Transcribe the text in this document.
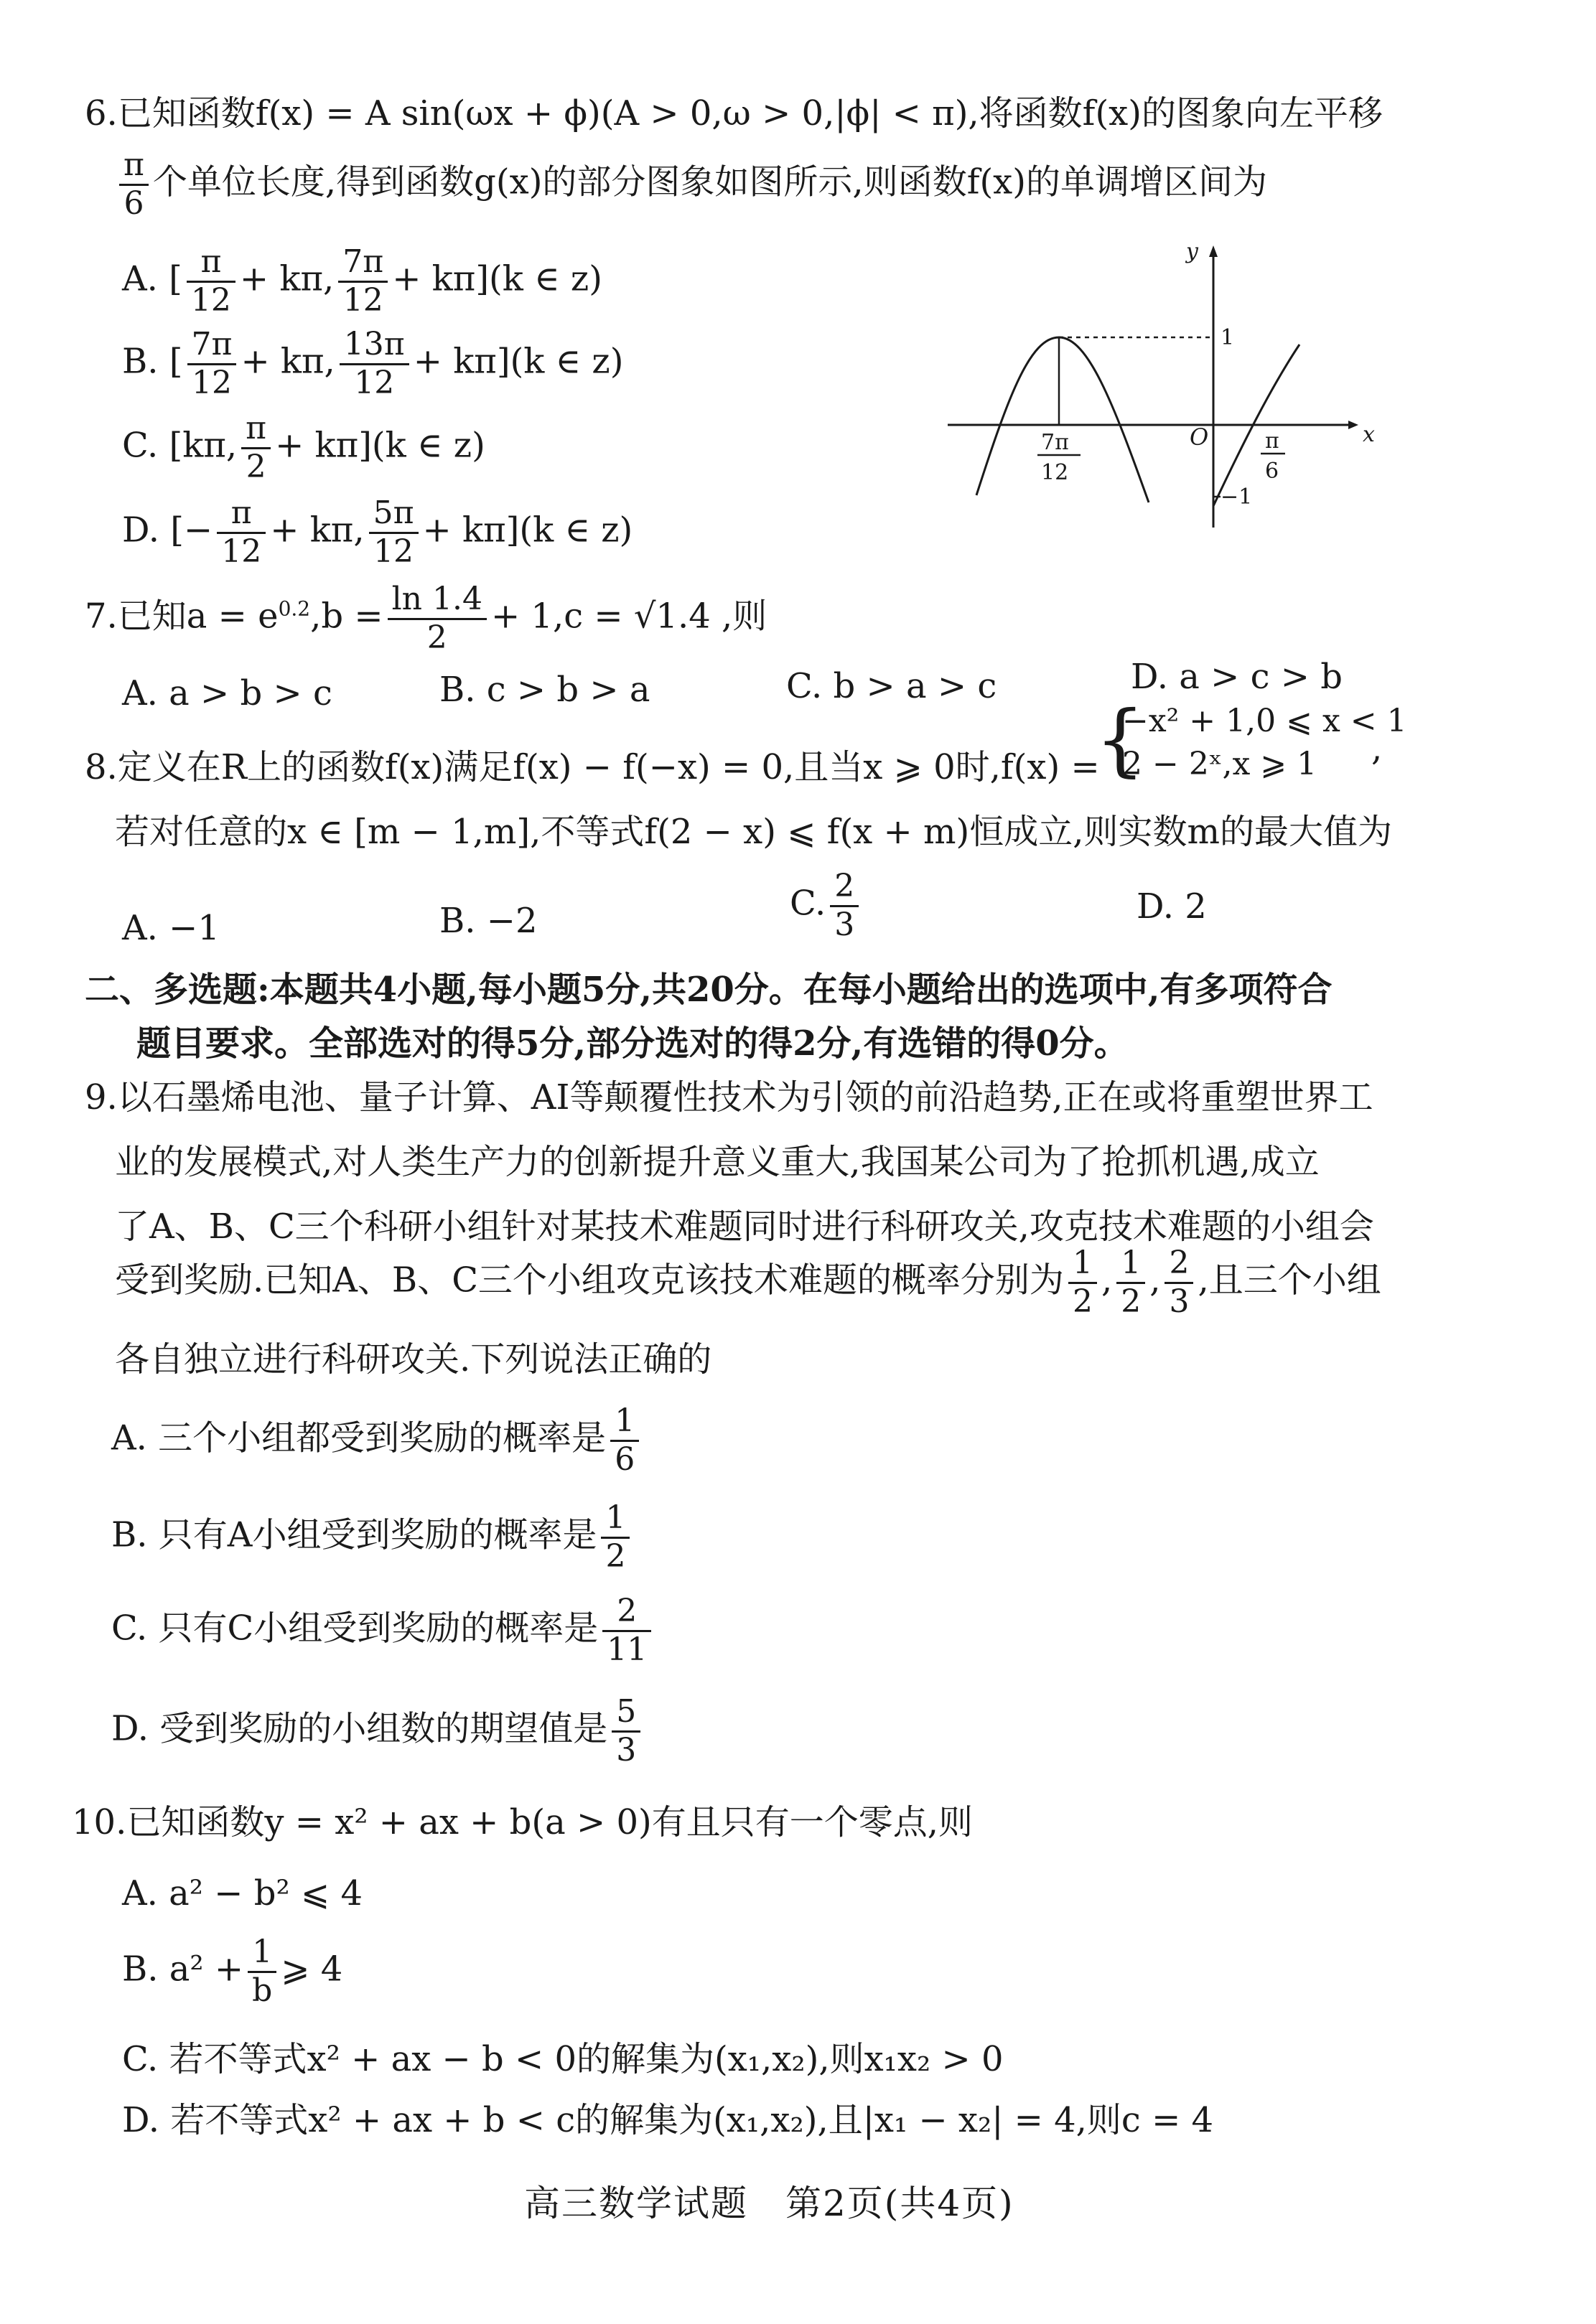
6.已知函数f(x) = A sin(ωx + ϕ)(A > 0,ω > 0,|ϕ| < π),将函数f(x)的图象向左平移
$\frac{\pi}{6}$ 个单位长度,得到函数g(x)的部分图象如图所示,则函数f(x)的单调增区间为
A. [ $\frac{\pi}{12} + k\pi$, $\frac{7\pi}{12} + k\pi](k$ ∈ z)
B. [ $\frac{7\pi}{12} + k\pi$, $\frac{13\pi}{12} + k\pi](k$ ∈ z)
C. [kπ, $\frac{\pi}{2} + k\pi](k$ ∈ z)
D. [− $\frac{\pi}{12} + k\pi$, $\frac{5\pi}{12} + k\pi](k$ ∈ z)
y
x
O
1
−1
7π
12
π
6
7.已知$a = e^{0.2},b = \frac{\ln 1.4}{2} + 1,c = √1.4$ ,则
A. a > b > c	B. c > b > a	C. b > a > c	D. a > c > b
8.定义在R上的函数f(x)满足f(x) − f(−x) = 0,且当x ⩾ 0时,f(x) =
{
−x² + 1,0 ⩽ x < 1
2 − 2ˣ,x ⩾ 1 ,
若对任意的x ∈ [m − 1,m],不等式f(2 − x) ⩽ f(x + m)恒成立,则实数m的最大值为
A. −1	B. −2	C. $\frac{2}{3}$	D. 2
二、多选题:本题共4小题,每小题5分,共20分。在每小题给出的选项中,有多项符合
题目要求。全部选对的得5分,部分选对的得2分,有选错的得0分。
9.以石墨烯电池、量子计算、AI等颠覆性技术为引领的前沿趋势,正在或将重塑世界工
业的发展模式,对人类生产力的创新提升意义重大,我国某公司为了抢抓机遇,成立
了A、B、C三个科研小组针对某技术难题同时进行科研攻关,攻克技术难题的小组会
受到奖励.已知A、B、C三个小组攻克该技术难题的概率分别为 $\frac{1}{2}$ , $\frac{1}{2}$ , $\frac{2}{3}$ ,且三个小组
各自独立进行科研攻关.下列说法正确的
A. 三个小组都受到奖励的概率是 $\frac{1}{6}$
B. 只有A小组受到奖励的概率是 $\frac{1}{2}$
C. 只有C小组受到奖励的概率是 $\frac{2}{11}$
D. 受到奖励的小组数的期望值是 $\frac{5}{3}$
10.已知函数y = x² + ax + b(a > 0)有且只有一个零点,则
A. a² − b² ⩽ 4
B. $a^2 + \frac{1}{b}$ ⩾ 4
C. 若不等式x² + ax − b < 0的解集为(x₁,x₂),则x₁x₂ > 0
D. 若不等式x² + ax + b < c的解集为(x₁,x₂),且|x₁ − x₂| = 4,则c = 4
高三数学试题　第2页(共4页)
